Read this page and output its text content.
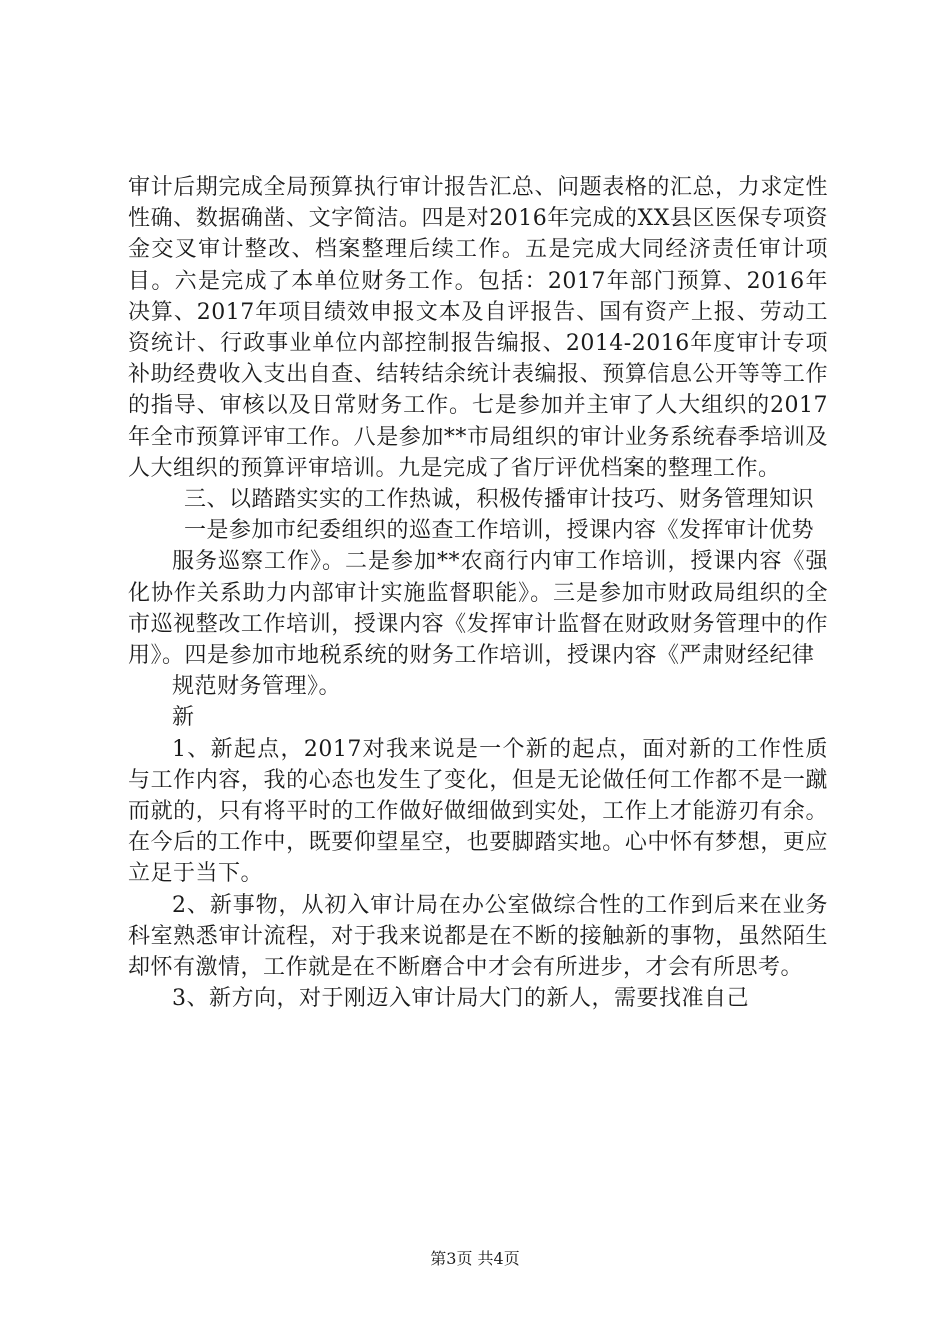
审计后期完成全局预算执行审计报告汇总、问题表格的汇总，力求定性性确、数据确凿、文字简洁。四是对2016年完成的XX县区医保专项资金交叉审计整改、档案整理后续工作。五是完成大同经济责任审计项目。六是完成了本单位财务工作。包括：2017年部门预算、2016年决算、2017年项目绩效申报文本及自评报告、国有资产上报、劳动工资统计、行政事业单位内部控制报告编报、2014-2016年度审计专项补助经费收入支出自查、结转结余统计表编报、预算信息公开等等工作的指导、审核以及日常财务工作。七是参加并主审了人大组织的2017年全市预算评审工作。八是参加**市局组织的审计业务系统春季培训及人大组织的预算评审培训。九是完成了省厅评优档案的整理工作。

三、以踏踏实实的工作热诚，积极传播审计技巧、财务管理知识

一是参加市纪委组织的巡查工作培训，授课内容《发挥审计优势

服务巡察工作》。二是参加**农商行内审工作培训，授课内容《强化协作关系助力内部审计实施监督职能》。三是参加市财政局组织的全市巡视整改工作培训，授课内容《发挥审计监督在财政财务管理中的作用》。四是参加市地税系统的财务工作培训，授课内容《严肃财经纪律

规范财务管理》。

新

1、新起点，2017对我来说是一个新的起点，面对新的工作性质与工作内容，我的心态也发生了变化，但是无论做任何工作都不是一蹴而就的，只有将平时的工作做好做细做到实处，工作上才能游刃有余。在今后的工作中，既要仰望星空，也要脚踏实地。心中怀有梦想，更应立足于当下。

2、新事物，从初入审计局在办公室做综合性的工作到后来在业务科室熟悉审计流程，对于我来说都是在不断的接触新的事物，虽然陌生却怀有激情，工作就是在不断磨合中才会有所进步，才会有所思考。

3、新方向，对于刚迈入审计局大门的新人，需要找准自己

第3页 共4页
